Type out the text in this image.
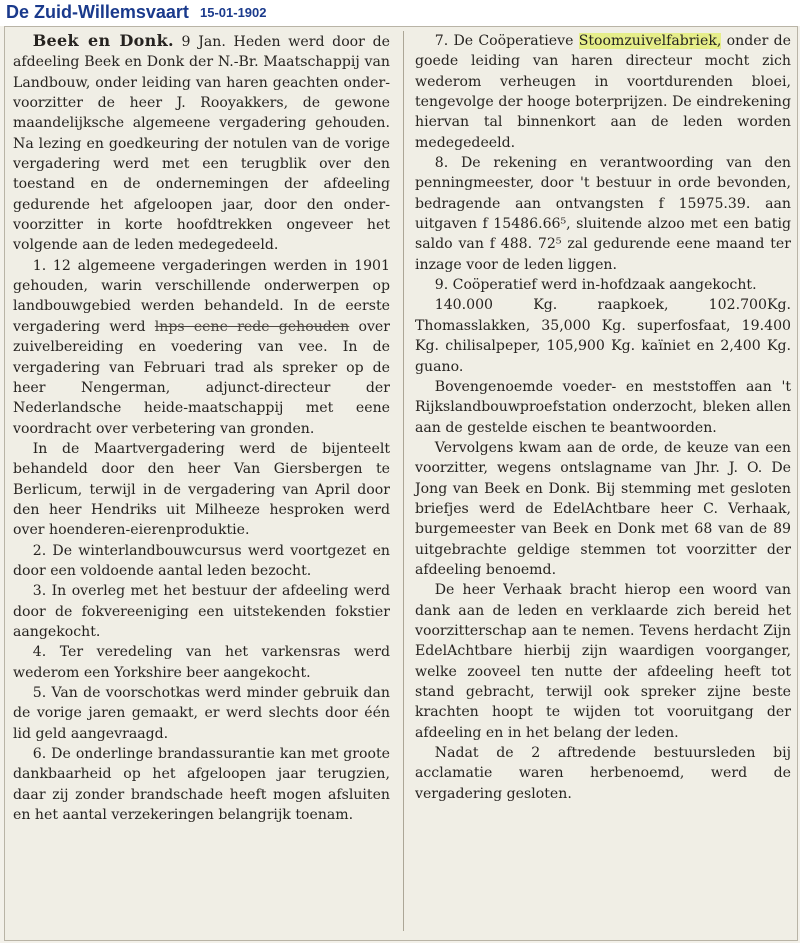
De Zuid-Willemsvaart 15-01-1902

Beek en Donk. 9 Jan. Heden werd door de afdeeling Beek en Donk der N.-Br. Maatschappij van Landbouw, onder leiding van haren geachten onder-voorzitter de heer J. Rooyakkers, de gewone maandelijksche algemeene vergadering gehouden. Na lezing en goedkeuring der notulen van de vorige vergadering werd met een terugblik over den toestand en de ondernemingen der afdeeling gedurende het afgeloopen jaar, door den onder-voorzitter in korte hoofdtrekken ongeveer het volgende aan de leden medegedeeld.

1. 12 algemeene vergaderingen werden in 1901 gehouden, warin verschillende onderwerpen op landbouwgebied werden behandeld. In de eerste vergadering werd lnps eene rede gehouden over zuivelbereiding en voedering van vee. In de vergadering van Februari trad als spreker op de heer Nengerman, adjunct-directeur der Nederlandsche heide-maatschappij met eene voordracht over verbetering van gronden.

In de Maartvergadering werd de bijenteelt behandeld door den heer Van Giersbergen te Berlicum, terwijl in de vergadering van April door den heer Hendriks uit Milheeze hesproken werd over hoenderen-eierenproduktie.

2. De winterlandbouwcursus werd voortgezet en door een voldoende aantal leden bezocht.

3. In overleg met het bestuur der afdeeling werd door de fokvereeniging een uitstekenden fokstier aangekocht.

4. Ter veredeling van het varkensras werd wederom een Yorkshire beer aangekocht.

5. Van de voorschotkas werd minder gebruik dan de vorige jaren gemaakt, er werd slechts door één lid geld aangevraagd.

6. De onderlinge brandassurantie kan met groote dankbaarheid op het afgeloopen jaar terugzien, daar zij zonder brandschade heeft mogen afsluiten en het aantal verzekeringen belangrijk toenam.

7. De Coöperatieve Stoomzuivelfabriek, onder de goede leiding van haren directeur mocht zich wederom verheugen in voortdurenden bloei, tengevolge der hooge boterprijzen. De eindrekening hiervan tal binnenkort aan de leden worden medegedeeld.

8. De rekening en verantwoording van den penningmeester, door 't bestuur in orde bevonden, bedragende aan ontvangsten f 15975.39. aan uitgaven f 15486.66⁵, sluitende alzoo met een batig saldo van f 488. 72⁵ zal gedurende eene maand ter inzage voor de leden liggen.

9. Coöperatief werd in-hofdzaak aangekocht.

140.000 Kg. raapkoek, 102.700Kg. Thomasslakken, 35,000 Kg. superfosfaat, 19.400 Kg. chilisalpeper, 105,900 Kg. kaïniet en 2,400 Kg. guano.

Bovengenoemde voeder- en meststoffen aan 't Rijkslandbouwproefstation onderzocht, bleken allen aan de gestelde eischen te beantwoorden.

Vervolgens kwam aan de orde, de keuze van een voorzitter, wegens ontslagname van Jhr. J. O. De Jong van Beek en Donk. Bij stemming met gesloten briefjes werd de EdelAchtbare heer C. Verhaak, burgemeester van Beek en Donk met 68 van de 89 uitgebrachte geldige stemmen tot voorzitter der afdeeling benoemd.

De heer Verhaak bracht hierop een woord van dank aan de leden en verklaarde zich bereid het voorzitterschap aan te nemen. Tevens herdacht Zijn EdelAchtbare hierbij zijn waardigen voorganger, welke zooveel ten nutte der afdeeling heeft tot stand gebracht, terwijl ook spreker zijne beste krachten hoopt te wijden tot vooruitgang der afdeeling en in het belang der leden.

Nadat de 2 aftredende bestuursleden bij acclamatie waren herbenoemd, werd de vergadering gesloten.
